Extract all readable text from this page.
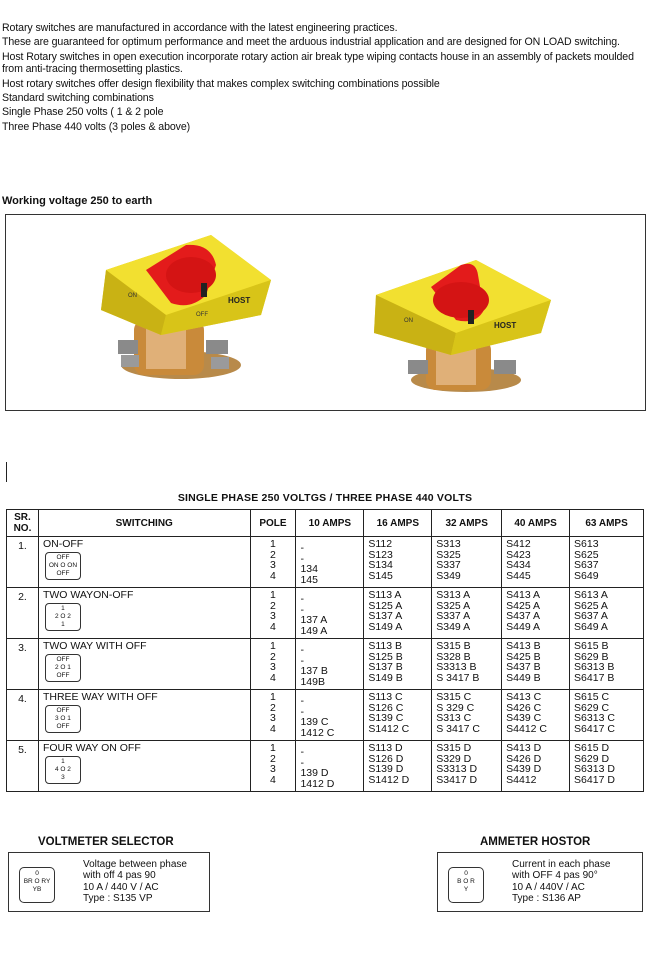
Rotary switches are manufactured in accordance with the latest engineering practices.

These are guaranteed for optimum performance and meet the arduous industrial application and are designed for ON LOAD switching.

Host Rotary switches in open execution incorporate rotary action air break type wiping contacts house in an assembly of packets moulded from anti-tracing thermosetting plastics.

Host rotary switches offer design flexibility that makes complex switching combinations possible

Standard switching combinations

Single Phase 250 volts ( 1 & 2 pole

Three Phase 440 volts (3 poles & above)

Working voltage 250 to earth
ON
OFF
HOST
ON	HOST
SINGLE PHASE 250 VOLTGS / THREE PHASE 440 VOLTS
SR.
NO.	SWITCHING	POLE	10 AMPS	16 AMPS	32 AMPS	40 AMPS	63 AMPS
1.	ON-OFF
OFF
ON O ON
OFF	1
2
3
4	-
-
134
145	S112
S123
S134
S145	S313
S325
S337
S349	S412
S423
S434
S445	S613
S625
S637
S649
2.	TWO WAYON-OFF
1
2 O 2
1	1
2
3
4	-
-
137 A
149 A	S113 A
S125 A
S137 A
S149 A	S313 A
S325 A
S337 A
S349 A	S413 A
S425 A
S437 A
S449 A	S613 A
S625 A
S637 A
S649 A
3.	TWO WAY WITH OFF
OFF
2 O 1
OFF	1
2
3
4	-
-
137 B
149B	S113 B
S125 B
S137 B
S149 B	S315 B
S328 B
S3313 B
S 3417 B	S413 B
S425 B
S437 B
S449 B	S615 B
S629 B
S6313 B
S6417 B
4.	THREE WAY WITH OFF
OFF
3 O 1
OFF	1
2
3
4	-
-
139 C
1412 C	S113 C
S126 C
S139 C
S1412 C	S315 C
S 329 C
S313 C
S 3417 C	S413 C
S426 C
S439 C
S4412 C	S615 C
S629 C
S6313 C
S6417 C
5.	FOUR WAY ON OFF
1
4 O 2
3	1
2
3
4	-
-
139 D
1412 D	S113 D
S126 D
S139 D
S1412 D	S315 D
S329 D
S3313 D
S3417 D	S413 D
S426 D
S439 D
S4412	S615 D
S629 D
S6313 D
S6417 D
VOLTMETER SELECTOR
0
BR O RY
YB
Voltage between phase
with off 4 pas 90
10 A / 440 V / AC
Type : S135 VP
AMMETER HOSTOR
0
B O R
Y
Current in each phase
with OFF 4 pas 90°
10 A / 440V / AC
Type : S136 AP
